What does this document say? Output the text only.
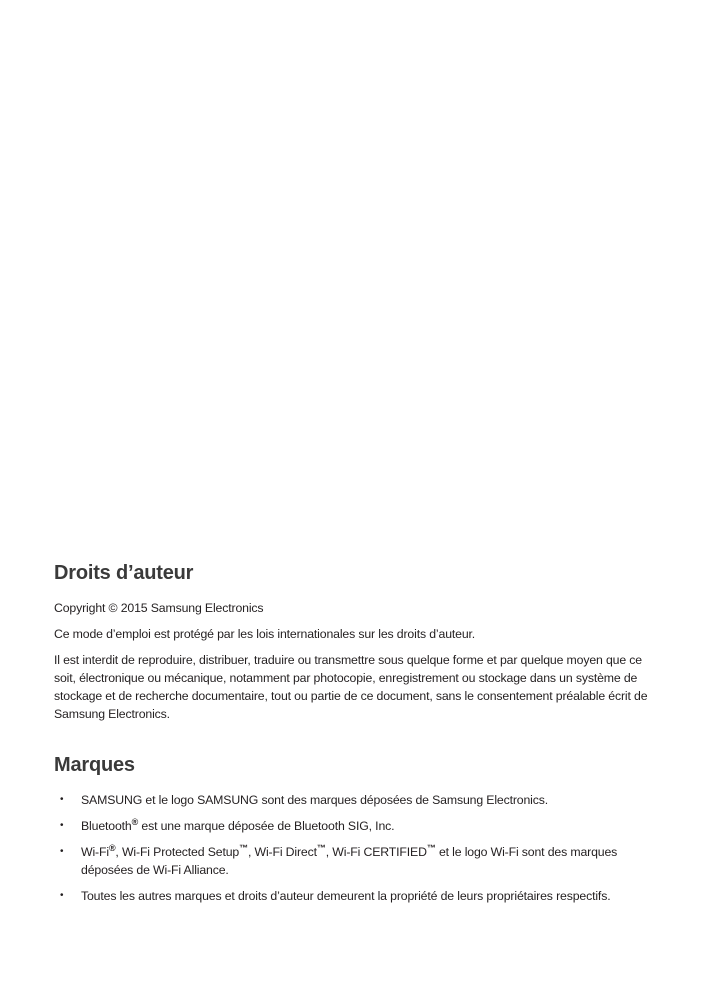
Droits d’auteur

Copyright © 2015 Samsung Electronics

Ce mode d’emploi est protégé par les lois internationales sur les droits d’auteur.

Il est interdit de reproduire, distribuer, traduire ou transmettre sous quelque forme et par quelque moyen que ce soit, électronique ou mécanique, notamment par photocopie, enregistrement ou stockage dans un système de stockage et de recherche documentaire, tout ou partie de ce document, sans le consentement préalable écrit de Samsung Electronics.

Marques
• SAMSUNG et le logo SAMSUNG sont des marques déposées de Samsung Electronics.
• Bluetooth® est une marque déposée de Bluetooth SIG, Inc.
• Wi-Fi®, Wi-Fi Protected Setup™, Wi-Fi Direct™, Wi-Fi CERTIFIED™ et le logo Wi-Fi sont des marques déposées de Wi-Fi Alliance.
• Toutes les autres marques et droits d’auteur demeurent la propriété de leurs propriétaires respectifs.
